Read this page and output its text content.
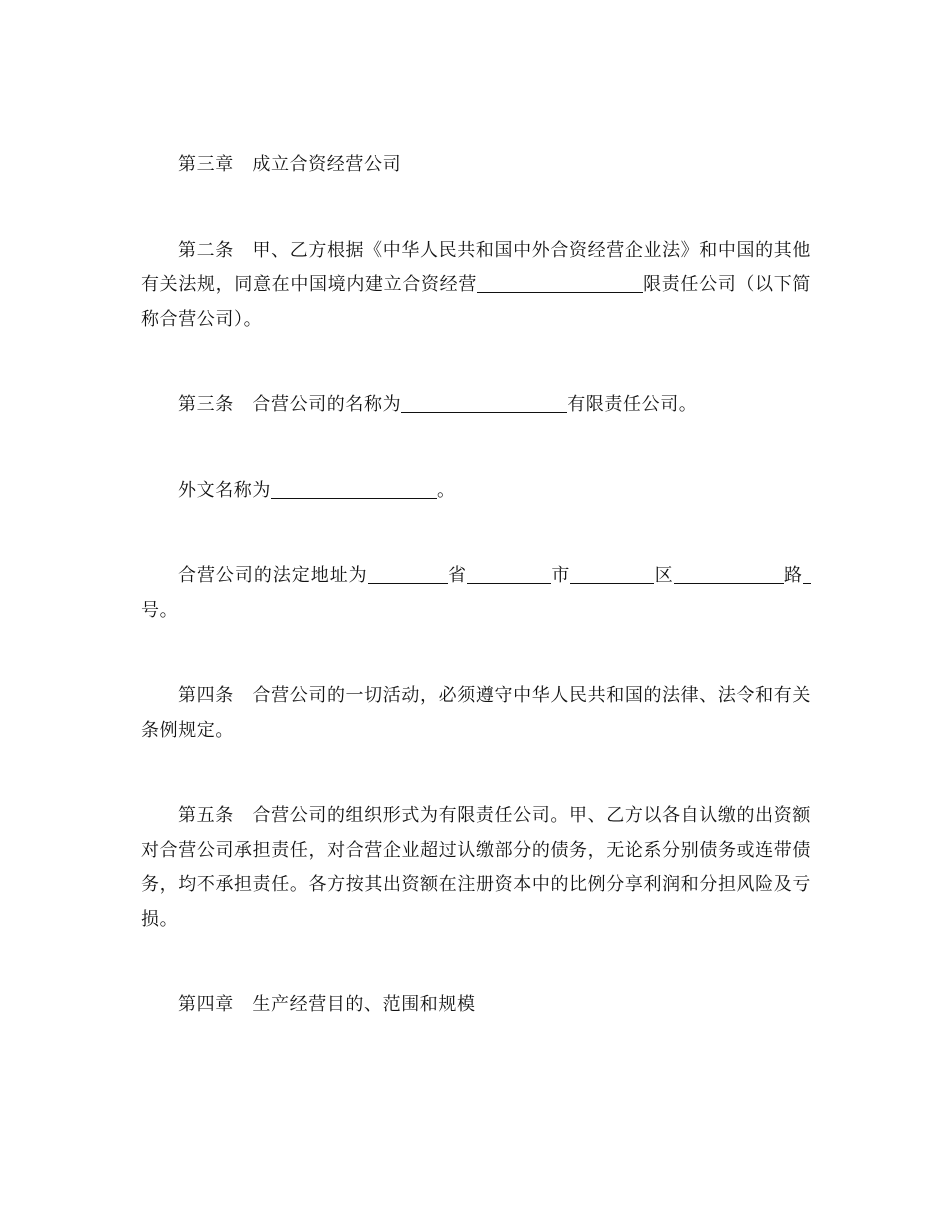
第三章　成立合资经营公司

第二条　甲、乙方根据《中华人民共和国中外合资经营企业法》和中国的其他有关法规，同意在中国境内建立合资经营	限责任公司（以下简称合营公司）。

第三条　合营公司的名称为	有限责任公司。

外文名称为	。

合营公司的法定地址为	省	市	区	路号。

第四条　合营公司的一切活动，必须遵守中华人民共和国的法律、法令和有关条例规定。

第五条　合营公司的组织形式为有限责任公司。甲、乙方以各自认缴的出资额对合营公司承担责任，对合营企业超过认缴部分的债务，无论系分别债务或连带债务，均不承担责任。各方按其出资额在注册资本中的比例分享利润和分担风险及亏损。

第四章　生产经营目的、范围和规模
